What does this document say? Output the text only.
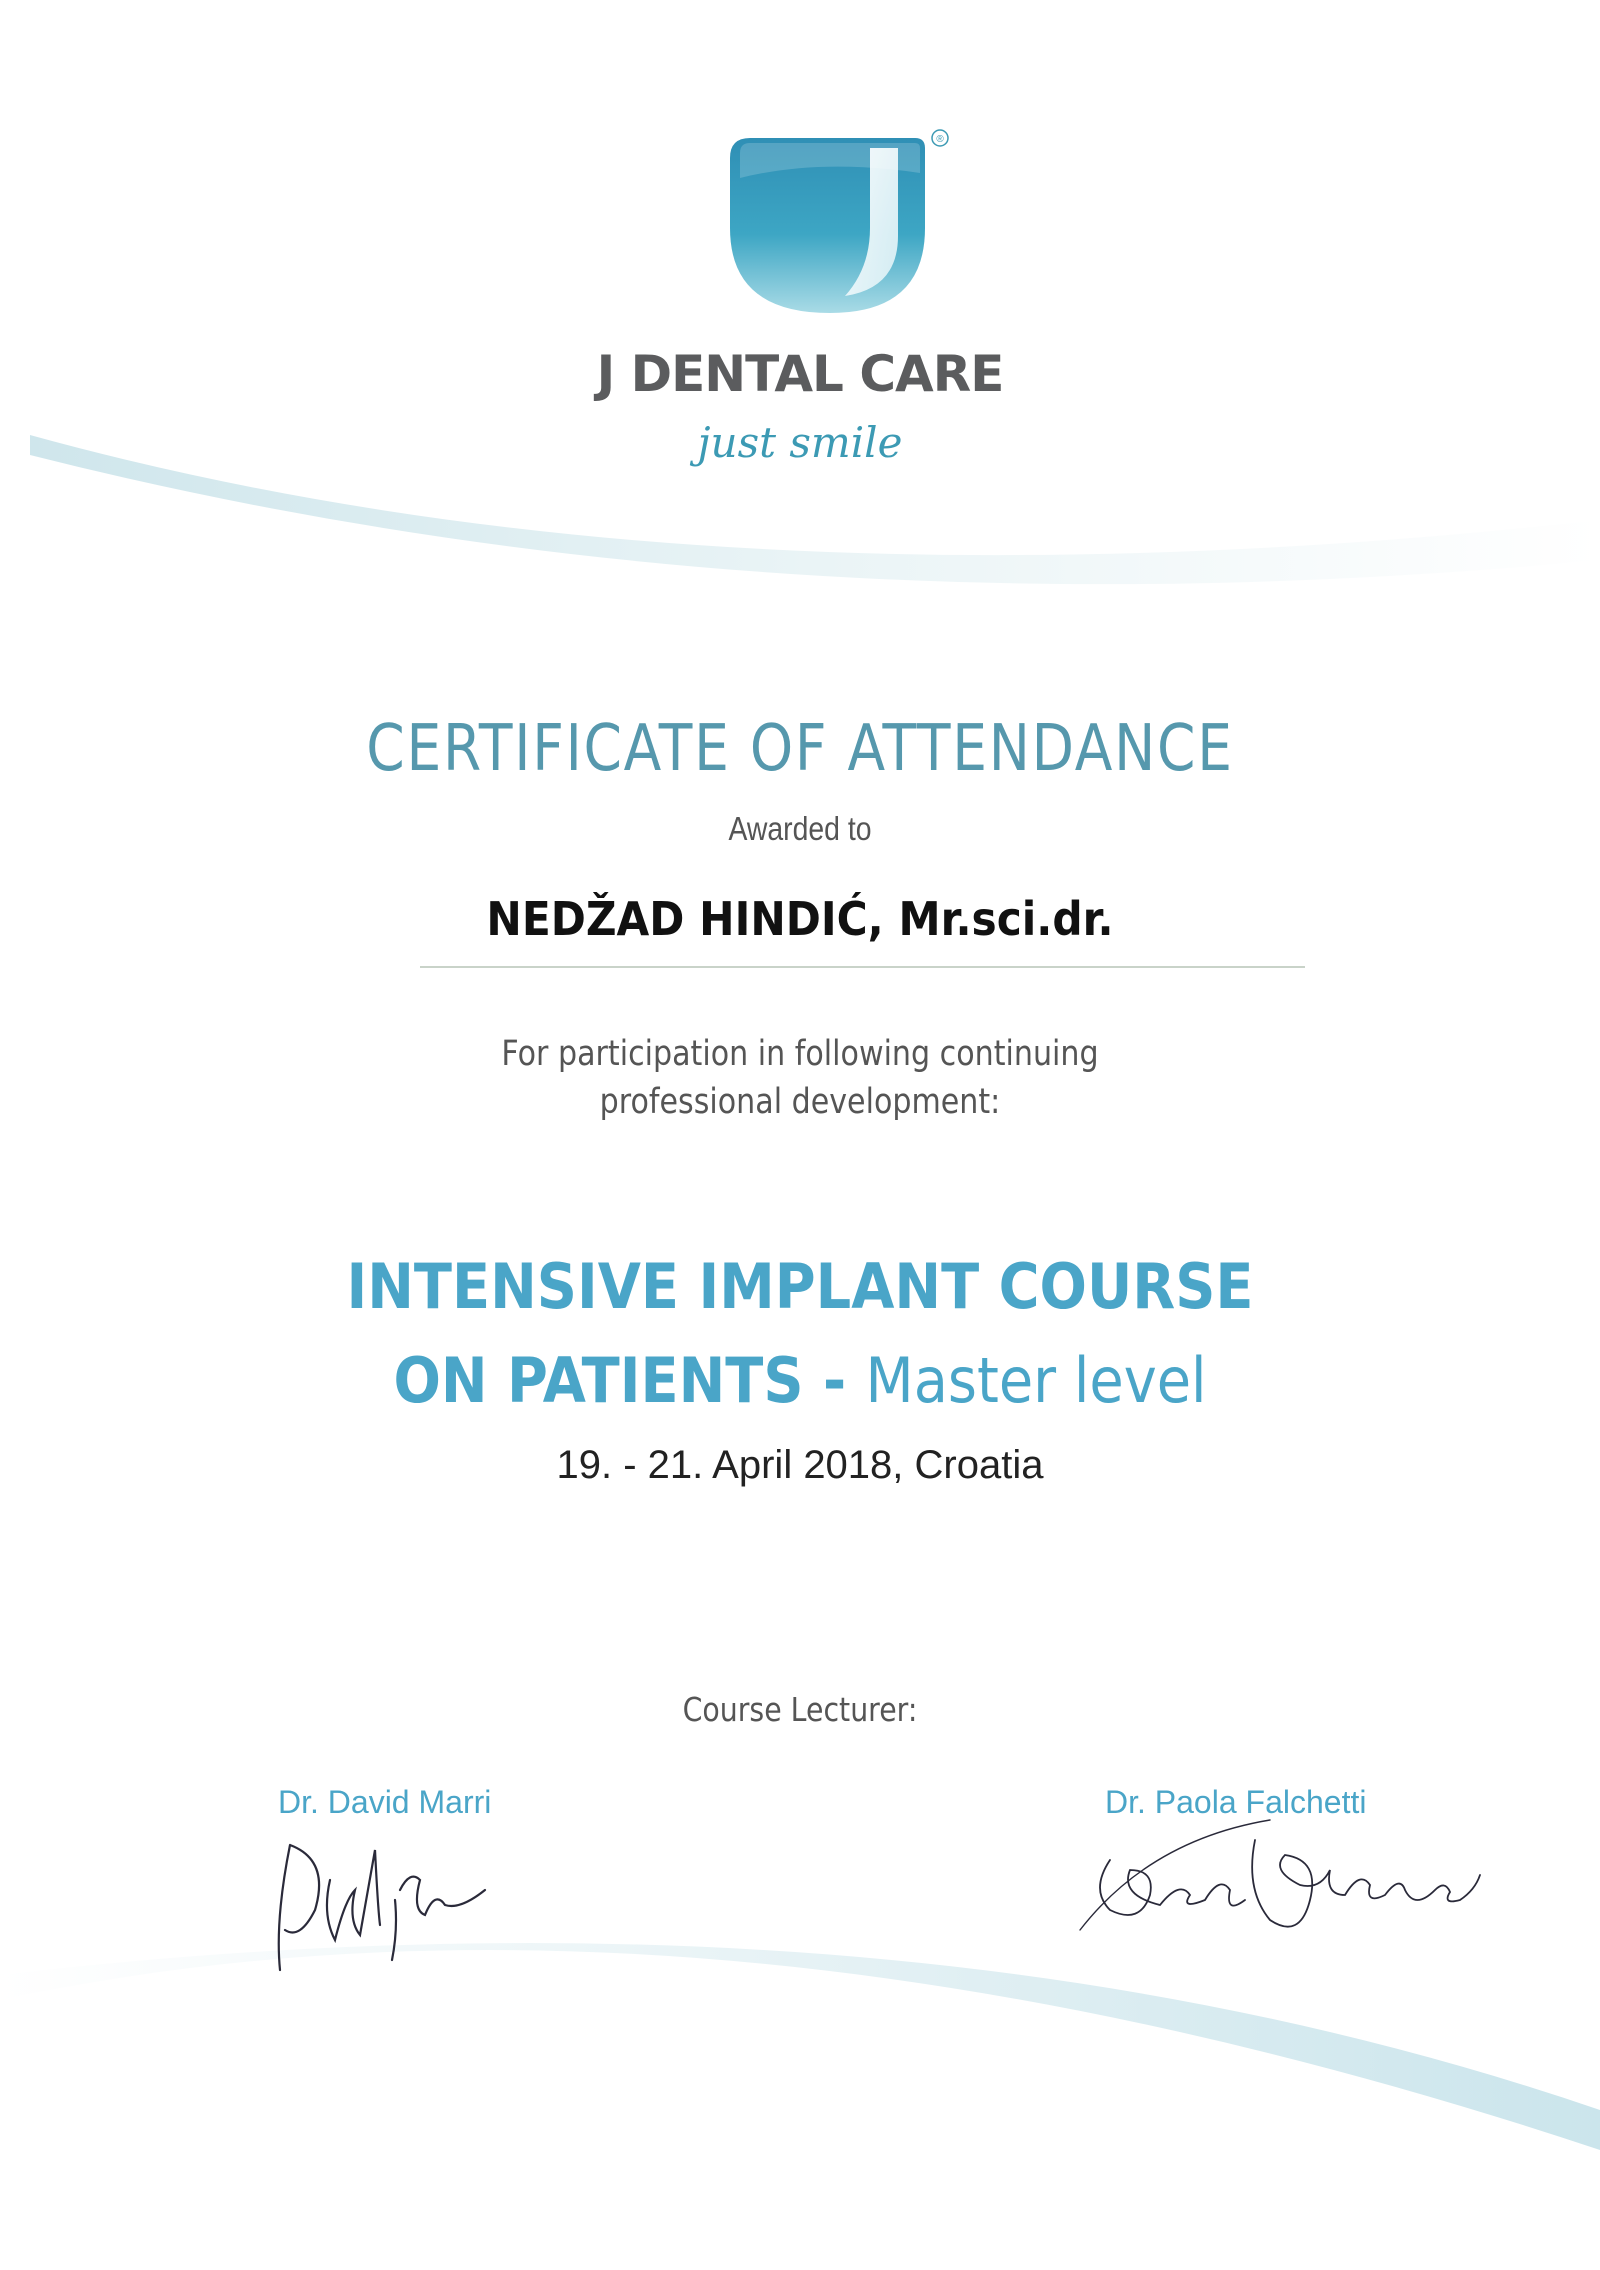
®
J DENTAL CARE
just smile
CERTIFICATE OF ATTENDANCE
Awarded to
NEDŽAD HINDIĆ, Mr.sci.dr.
For participation in following continuing
professional development:
INTENSIVE IMPLANT COURSE
ON PATIENTS - Master level
19. - 21. April 2018, Croatia
Course Lecturer:
Dr. David Marri	Dr. Paola Falchetti
